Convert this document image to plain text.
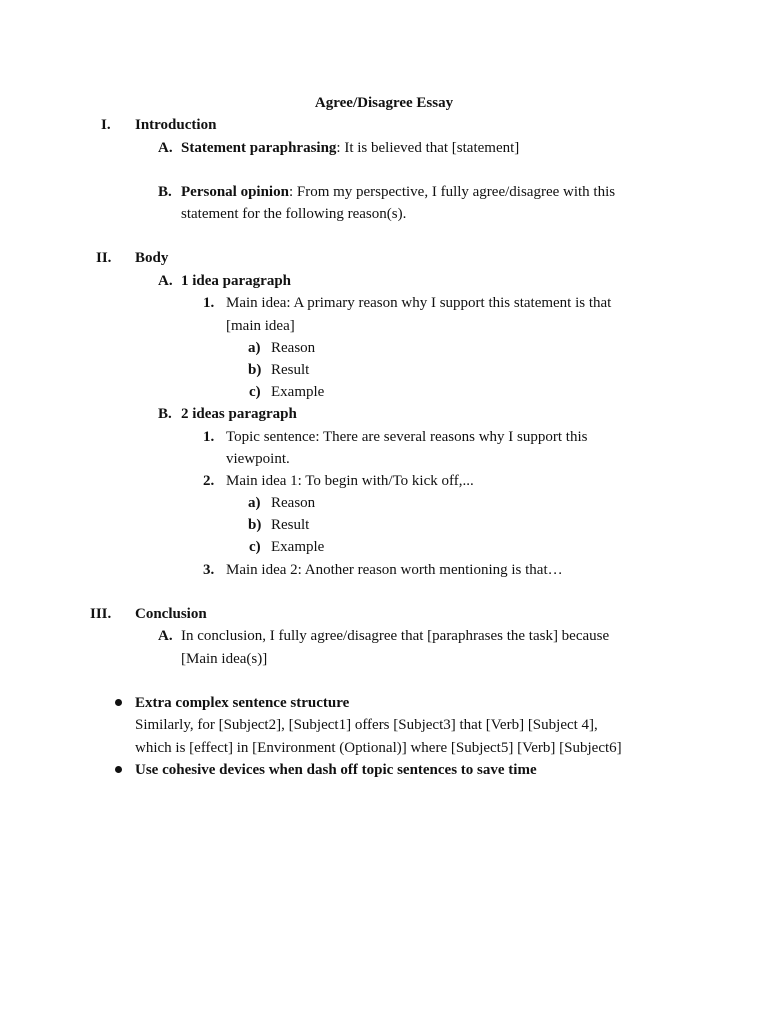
Agree/Disagree Essay
I. Introduction
A. Statement paraphrasing: It is believed that [statement]
B. Personal opinion: From my perspective, I fully agree/disagree with this
statement for the following reason(s).
II. Body
A. 1 idea paragraph
1. Main idea: A primary reason why I support this statement is that
[main idea]
a) Reason
b) Result
c) Example
B. 2 ideas paragraph
1. Topic sentence: There are several reasons why I support this
viewpoint.
2. Main idea 1: To begin with/To kick off,...
a) Reason
b) Result
c) Example
3. Main idea 2: Another reason worth mentioning is that…
III. Conclusion
A. In conclusion, I fully agree/disagree that [paraphrases the task] because
[Main idea(s)]
Extra complex sentence structure
Similarly, for [Subject2], [Subject1] offers [Subject3] that [Verb] [Subject 4],
which is [effect] in [Environment (Optional)] where [Subject5] [Verb] [Subject6]
Use cohesive devices when dash off topic sentences to save time
